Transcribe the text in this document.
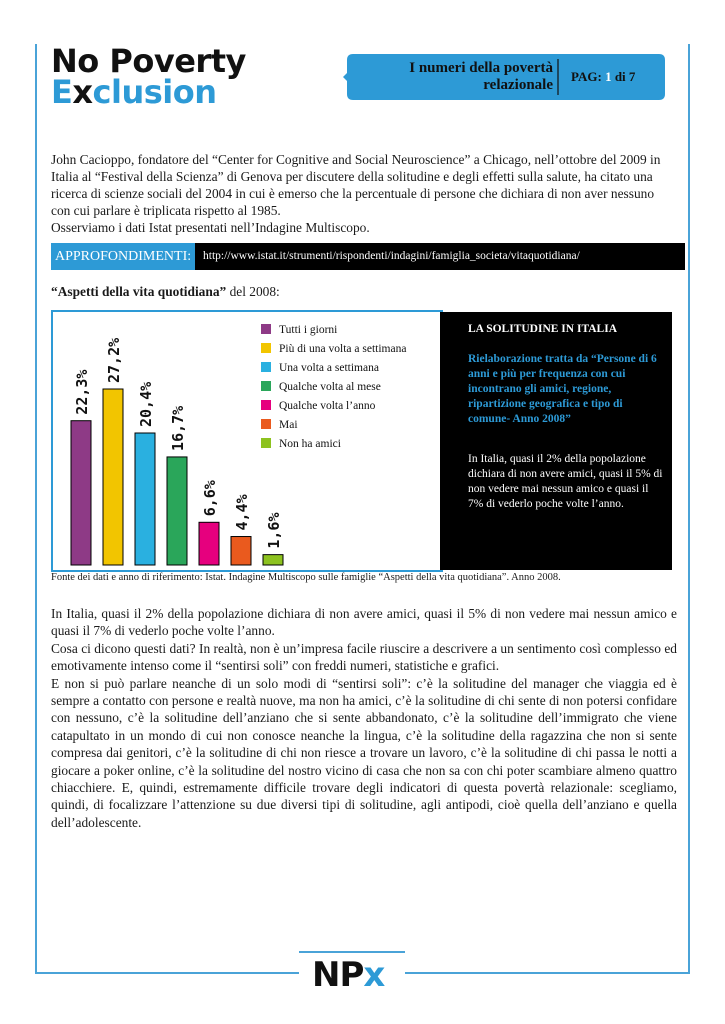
No Poverty
Exclusion
I numeri della povertà relazionale
PAG: 1 di 7
John Cacioppo, fondatore del “Center for Cognitive and Social Neuroscience” a Chicago, nell’ottobre del 2009 in Italia al “Festival della Scienza” di Genova per discutere della solitudine e degli effetti sulla salute, ha citato una ricerca di scienze sociali del 2004 in cui è emerso che la percentuale di persone che dichiara di non aver nessuno con cui parlare è triplicata rispetto al 1985.
Osserviamo i dati Istat presentati nell’Indagine Multiscopo.
APPROFONDIMENTI:	http://www.istat.it/strumenti/rispondenti/indagini/famiglia_societa/vitaquotidiana/
“Aspetti della vita quotidiana” del 2008:
22,3%
27,2%
20,4%
16,7%
6,6% 4,4%
1,6%
Tutti i giorni
Più di una volta a settimana
Una volta a settimana
Qualche volta al mese
Qualche volta l’anno
Mai
Non ha amici
LA SOLITUDINE IN ITALIA
Rielaborazione tratta da “Persone di 6 anni e più per frequenza con cui incontrano gli amici, regione, ripartizione geografica e tipo di comune- Anno 2008”
In Italia, quasi il 2% della popolazione dichiara di non avere amici, quasi il 5% di non vedere mai nessun amico e quasi il 7% di vederlo poche volte l’anno.
Fonte dei dati e anno di riferimento: Istat. Indagine Multiscopo sulle famiglie “Aspetti della vita quotidiana”. Anno 2008.

In Italia, quasi il 2% della popolazione dichiara di non avere amici, quasi il 5% di non vedere mai nessun amico e quasi il 7% di vederlo poche volte l’anno.

Cosa ci dicono questi dati? In realtà, non è un’impresa facile riuscire a descrivere a un sentimento così complesso ed emotivamente intenso come il “sentirsi soli” con freddi numeri, statistiche e grafici.

E non si può parlare neanche di un solo modi di “sentirsi soli”: c’è la solitudine del manager che viaggia ed è sempre a contatto con persone e realtà nuove, ma non ha amici, c’è la solitudine di chi sente di non potersi confidare con nessuno, c’è la solitudine dell’anziano che si sente abbandonato, c’è la solitudine dell’immigrato che viene catapultato in un mondo di cui non conosce neanche la lingua, c’è la solitudine della ragazzina che non si sente compresa dai genitori, c’è la solitudine di chi non riesce a trovare un lavoro, c’è la solitudine di chi passa le notti a giocare a poker online, c’è la solitudine del nostro vicino di casa che non sa con chi poter scambiare almeno quattro chiacchiere. E, quindi, estremamente difficile trovare degli indicatori di questa povertà relazionale: scegliamo, quindi, di focalizzare l’attenzione su due diversi tipi di solitudine, agli antipodi, cioè quella dell’anziano e quella dell’adolescente.

NPx
